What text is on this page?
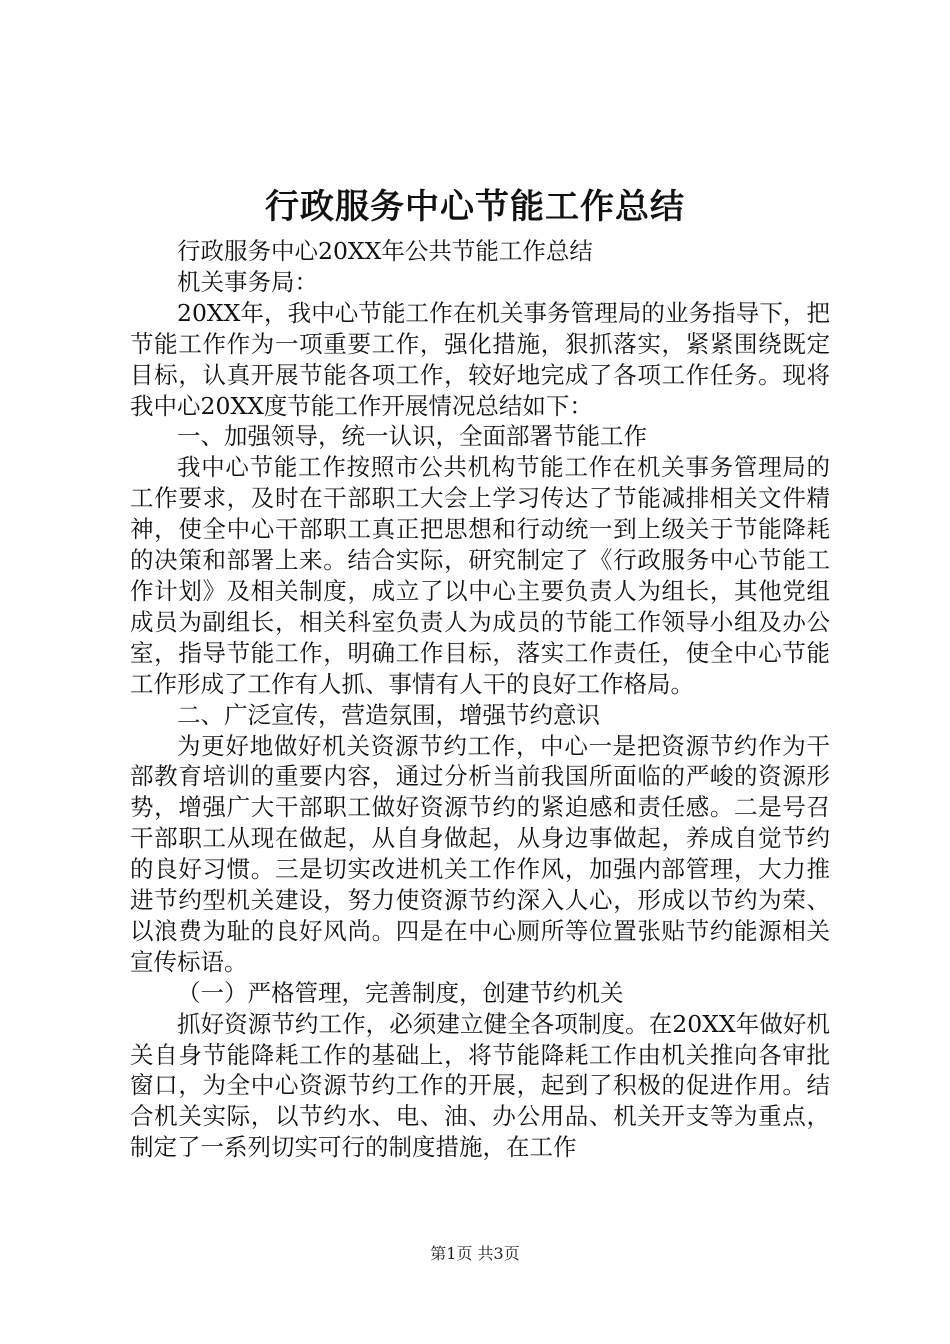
行政服务中心节能工作总结

行政服务中心20XX年公共节能工作总结

机关事务局：

20XX年，我中心节能工作在机关事务管理局的业务指导下，把节能工作作为一项重要工作，强化措施，狠抓落实，紧紧围绕既定目标，认真开展节能各项工作，较好地完成了各项工作任务。现将我中心20XX度节能工作开展情况总结如下：

一、加强领导，统一认识，全面部署节能工作

我中心节能工作按照市公共机构节能工作在机关事务管理局的工作要求，及时在干部职工大会上学习传达了节能减排相关文件精神，使全中心干部职工真正把思想和行动统一到上级关于节能降耗的决策和部署上来。结合实际，研究制定了《行政服务中心节能工作计划》及相关制度，成立了以中心主要负责人为组长，其他党组成员为副组长，相关科室负责人为成员的节能工作领导小组及办公室，指导节能工作，明确工作目标，落实工作责任，使全中心节能工作形成了工作有人抓、事情有人干的良好工作格局。

二、广泛宣传，营造氛围，增强节约意识

为更好地做好机关资源节约工作，中心一是把资源节约作为干部教育培训的重要内容，通过分析当前我国所面临的严峻的资源形势，增强广大干部职工做好资源节约的紧迫感和责任感。二是号召干部职工从现在做起，从自身做起，从身边事做起，养成自觉节约的良好习惯。三是切实改进机关工作作风，加强内部管理，大力推进节约型机关建设，努力使资源节约深入人心，形成以节约为荣、以浪费为耻的良好风尚。四是在中心厕所等位置张贴节约能源相关宣传标语。

（一）严格管理，完善制度，创建节约机关

抓好资源节约工作，必须建立健全各项制度。在20XX年做好机关自身节能降耗工作的基础上，将节能降耗工作由机关推向各审批窗口，为全中心资源节约工作的开展，起到了积极的促进作用。结合机关实际，以节约水、电、油、办公用品、机关开支等为重点，制定了一系列切实可行的制度措施，在工作

第1页 共3页
